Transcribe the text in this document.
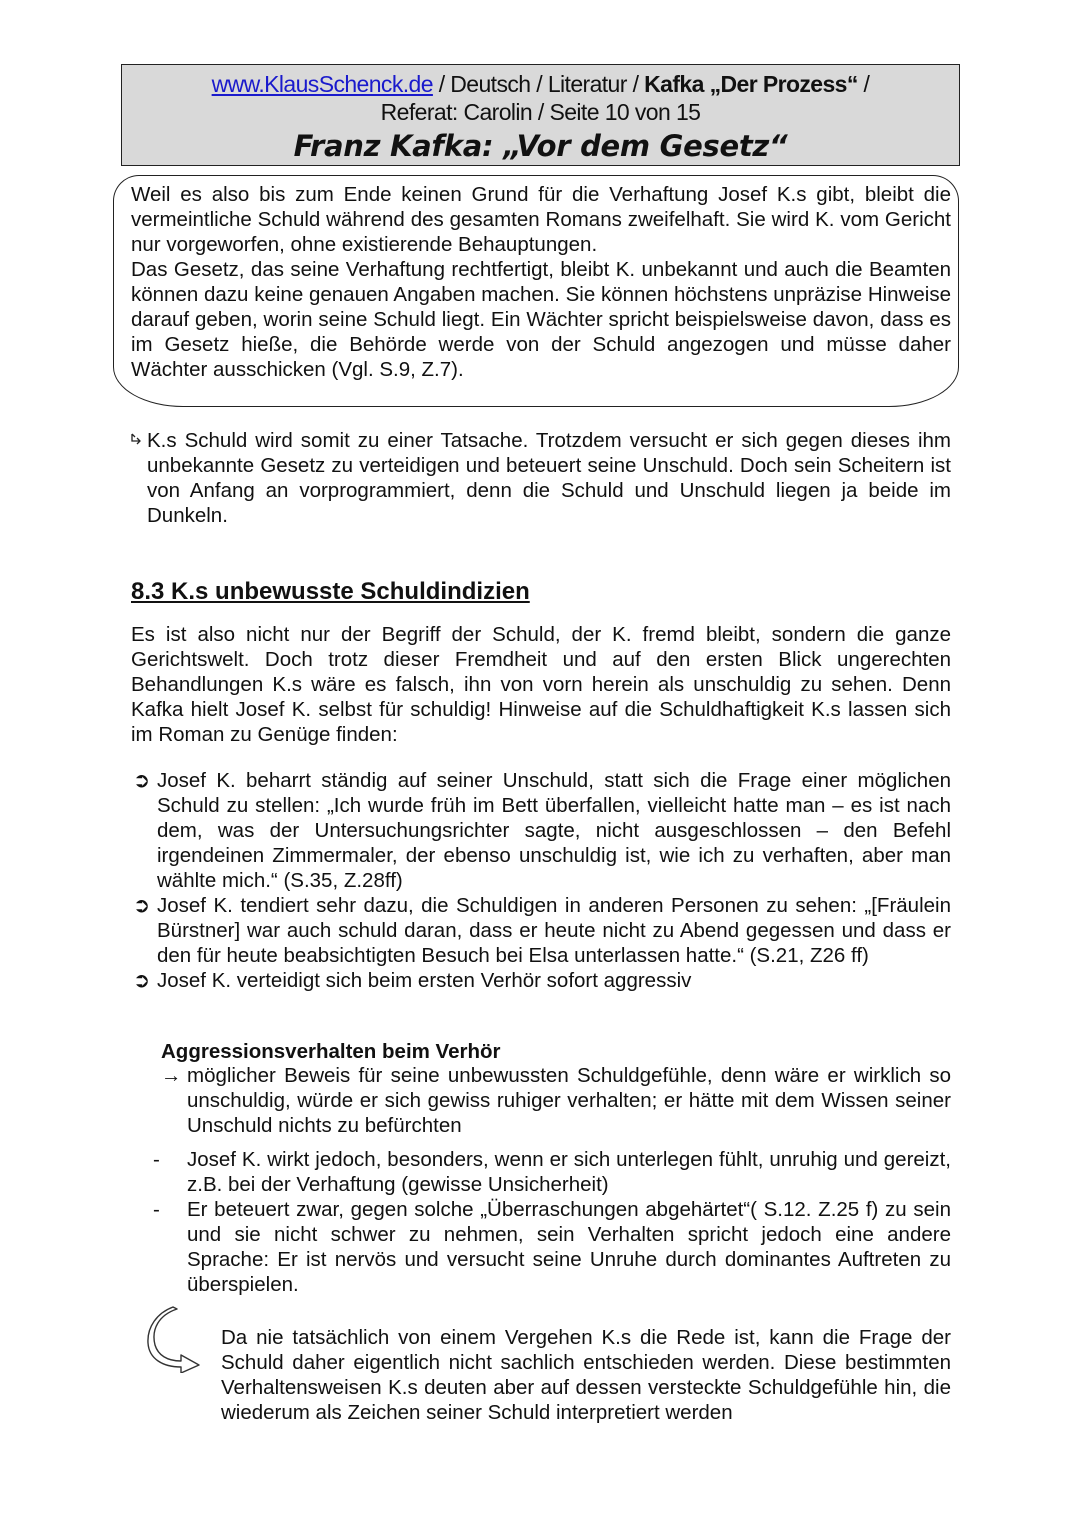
www.KlausSchenck.de / Deutsch / Literatur / Kafka „Der Prozess“ /
Referat: Carolin / Seite 10 von 15
Franz Kafka: „Vor dem Gesetz“
Weil es also bis zum Ende keinen Grund für die Verhaftung Josef K.s gibt, bleibt die vermeintliche Schuld während des gesamten Romans zweifelhaft. Sie wird K. vom Gericht nur vorgeworfen, ohne existierende Behauptungen.
Das Gesetz, das seine Verhaftung rechtfertigt, bleibt K. unbekannt und auch die Beamten können dazu keine genauen Angaben machen. Sie können höchstens unpräzise Hinweise darauf geben, worin seine Schuld liegt. Ein Wächter spricht beispielsweise davon, dass es im Gesetz hieße, die Behörde werde von der Schuld angezogen und müsse daher Wächter ausschicken (Vgl. S.9, Z.7).
K.s Schuld wird somit zu einer Tatsache. Trotzdem versucht er sich gegen dieses ihm unbekannte Gesetz zu verteidigen und beteuert seine Unschuld. Doch sein Scheitern ist von Anfang an vorprogrammiert, denn die Schuld und Unschuld liegen ja beide im Dunkeln.
8.3 K.s unbewusste Schuldindizien
Es ist also nicht nur der Begriff der Schuld, der K. fremd bleibt, sondern die ganze Gerichtswelt. Doch trotz dieser Fremdheit und auf den ersten Blick ungerechten Behandlungen K.s wäre es falsch, ihn von vorn herein als unschuldig zu sehen. Denn Kafka hielt Josef K. selbst für schuldig! Hinweise auf die Schuldhaftigkeit K.s lassen sich im Roman zu Genüge finden:
➲ Josef K. beharrt ständig auf seiner Unschuld, statt sich die Frage einer möglichen Schuld zu stellen: „Ich wurde früh im Bett überfallen, vielleicht hatte man – es ist nach dem, was der Untersuchungsrichter sagte, nicht ausgeschlossen – den Befehl irgendeinen Zimmermaler, der ebenso unschuldig ist, wie ich zu verhaften, aber man wählte mich.“ (S.35, Z.28ff)
➲ Josef K. tendiert sehr dazu, die Schuldigen in anderen Personen zu sehen: „[Fräulein Bürstner] war auch schuld daran, dass er heute nicht zu Abend gegessen und dass er den für heute beabsichtigten Besuch bei Elsa unterlassen hatte.“ (S.21, Z26 ff)
➲ Josef K. verteidigt sich beim ersten Verhör sofort aggressiv
Aggressionsverhalten beim Verhör
→ möglicher Beweis für seine unbewussten Schuldgefühle, denn wäre er wirklich so unschuldig, würde er sich gewiss ruhiger verhalten; er hätte mit dem Wissen seiner Unschuld nichts zu befürchten
- Josef K. wirkt jedoch, besonders, wenn er sich unterlegen fühlt, unruhig und gereizt, z.B. bei der Verhaftung (gewisse Unsicherheit)
- Er beteuert zwar, gegen solche „Überraschungen abgehärtet“( S.12. Z.25 f) zu sein und sie nicht schwer zu nehmen, sein Verhalten spricht jedoch eine andere Sprache: Er ist nervös und versucht seine Unruhe durch dominantes Auftreten zu überspielen.
Da nie tatsächlich von einem Vergehen K.s die Rede ist, kann die Frage der Schuld daher eigentlich nicht sachlich entschieden werden. Diese bestimmten Verhaltensweisen K.s deuten aber auf dessen versteckte Schuldgefühle hin, die wiederum als Zeichen seiner Schuld interpretiert werden
